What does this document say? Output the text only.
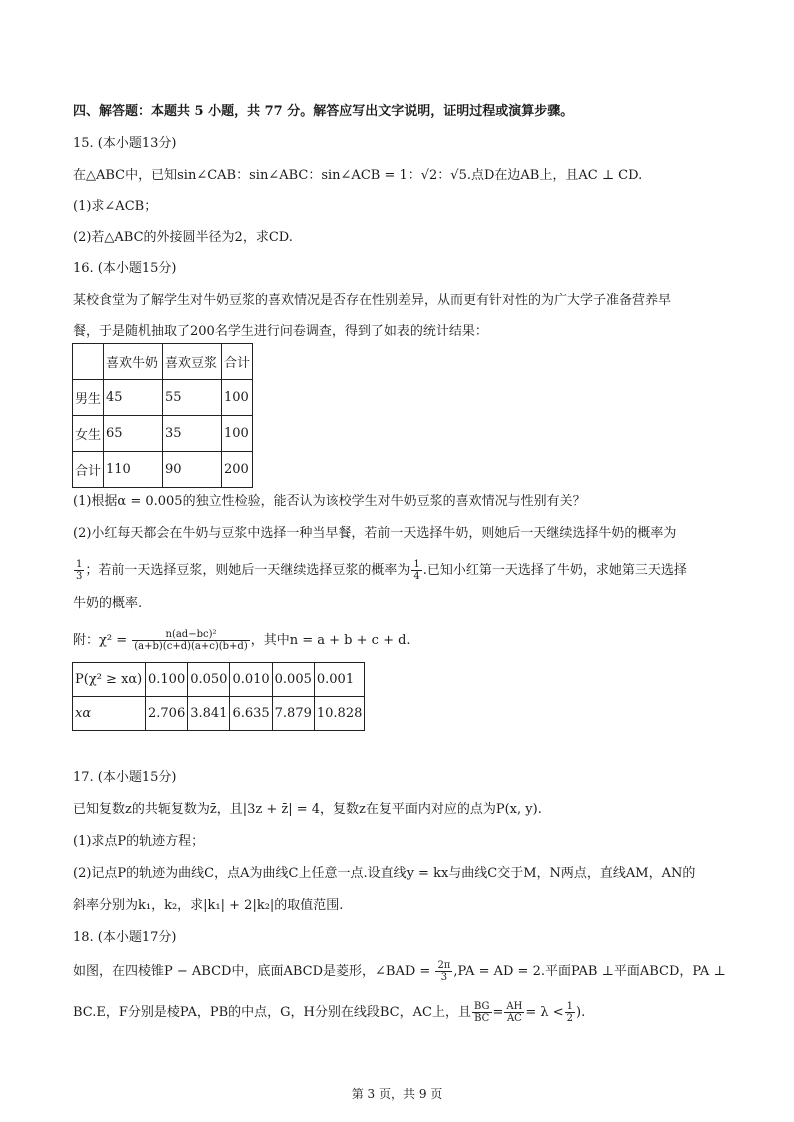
四、解答题：本题共 5 小题，共 77 分。解答应写出文字说明，证明过程或演算步骤。
15. (本小题13分)
在△ABC中，已知sin∠CAB：sin∠ABC：sin∠ACB = 1：√2：√5.点D在边AB上，且AC ⊥ CD.
(1)求∠ACB；
(2)若△ABC的外接圆半径为2，求CD.
16. (本小题15分)
某校食堂为了解学生对牛奶豆浆的喜欢情况是否存在性别差异，从而更有针对性的为广大学子准备营养早
餐，于是随机抽取了200名学生进行问卷调查，得到了如表的统计结果：
	喜欢牛奶	喜欢豆浆	合计
男生	45	55	100
女生	65	35	100
合计	110	90	200
(1)根据α = 0.005的独立性检验，能否认为该校学生对牛奶豆浆的喜欢情况与性别有关？
(2)小红每天都会在牛奶与豆浆中选择一种当早餐，若前一天选择牛奶，则她后一天继续选择牛奶的概率为
$\frac{1}{3}$ ；若前一天选择豆浆，则她后一天继续选择豆浆的概率为 $\frac{1}{4}$ .已知小红第一天选择了牛奶，求她第三天选择
牛奶的概率.
附：$\chi^2 = \frac{\text{n(ad−bc)²}}{(a+b)(c+d)(a+c)(b+d)}$ ，其中n = a + b + c + d.
P(χ² ≥ xα)	0.100	0.050	0.010	0.005	0.001
xα	2.706	3.841	6.635	7.879	10.828
17. (本小题15分)
已知复数z的共轭复数为z̄，且|3z + z̄| = 4，复数z在复平面内对应的点为P(x, y).
(1)求点P的轨迹方程；
(2)记点P的轨迹为曲线C，点A为曲线C上任意一点.设直线y = kx与曲线C交于M，N两点，直线AM，AN的
斜率分别为k₁，k₂，求|k₁| + 2|k₂|的取值范围.
18. (本小题17分)
如图，在四棱锥P − ABCD中，底面ABCD是菱形，∠BAD = $\frac{2\pi}{3} ,PA$ = AD = 2.平面PAB ⊥平面ABCD，PA ⊥
BC.E，F分别是棱PA，PB的中点，G，H分别在线段BC，AC上，且 $\frac{BG}{BC} = \frac{AH}{AC} = \lambda < \frac{1}{2}$ ).
第 3 页，共 9 页
